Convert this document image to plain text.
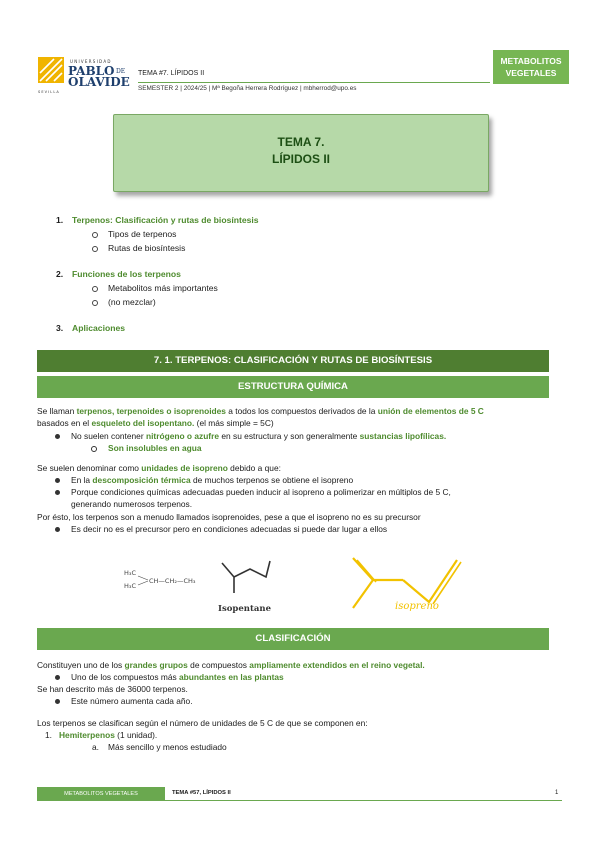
U N I V E R S I D A D
PABLO DE
OLAVIDE
S E V I L L A
TEMA #7. LÍPIDOS II
SEMESTER 2 | 2024/25 | Mª Begoña Herrera Rodríguez | mbherrod@upo.es
METABOLITOS
VEGETALES
TEMA 7.
LÍPIDOS II
1. Terpenos: Clasificación y rutas de biosíntesis
Tipos de terpenos
Rutas de biosíntesis
2. Funciones de los terpenos
Metabolitos más importantes
(no mezclar)
3. Aplicaciones
7. 1. TERPENOS: CLASIFICACIÓN Y RUTAS DE BIOSÍNTESIS
ESTRUCTURA QUÍMICA
Se llaman terpenos, terpenoides o isoprenoides a todos los compuestos derivados de la unión de elementos de 5 C
basados en el esqueleto del isopentano. (el más simple = 5C)
No suelen contener nitrógeno o azufre en su estructura y son generalmente sustancias lipofílicas.
Son insolubles en agua
Se suelen denominar como unidades de isopreno debido a que:
En la descomposición térmica de muchos terpenos se obtiene el isopreno
Porque condiciones químicas adecuadas pueden inducir al isopreno a polimerizar en múltiplos de 5 C,
generando numerosos terpenos.
Por ésto, los terpenos son a menudo llamados isoprenoides, pese a que el isopreno no es su precursor
Es decir no es el precursor pero en condiciones adecuadas si puede dar lugar a ellos
H₃C
H₃C
CH—CH₂—CH₃
Isopentane	isopreno
CLASIFICACIÓN
Constituyen uno de los grandes grupos de compuestos ampliamente extendidos en el reino vegetal.
Uno de los compuestos más abundantes en las plantas
Se han descrito más de 36000 terpenos.
Este número aumenta cada año.
Los terpenos se clasifican según el número de unidades de 5 C de que se componen en:
1. Hemiterpenos (1 unidad).
a. Más sencillo y menos estudiado
METABOLITOS VEGETALES	TEMA #57, LÍPIDOS II	1
